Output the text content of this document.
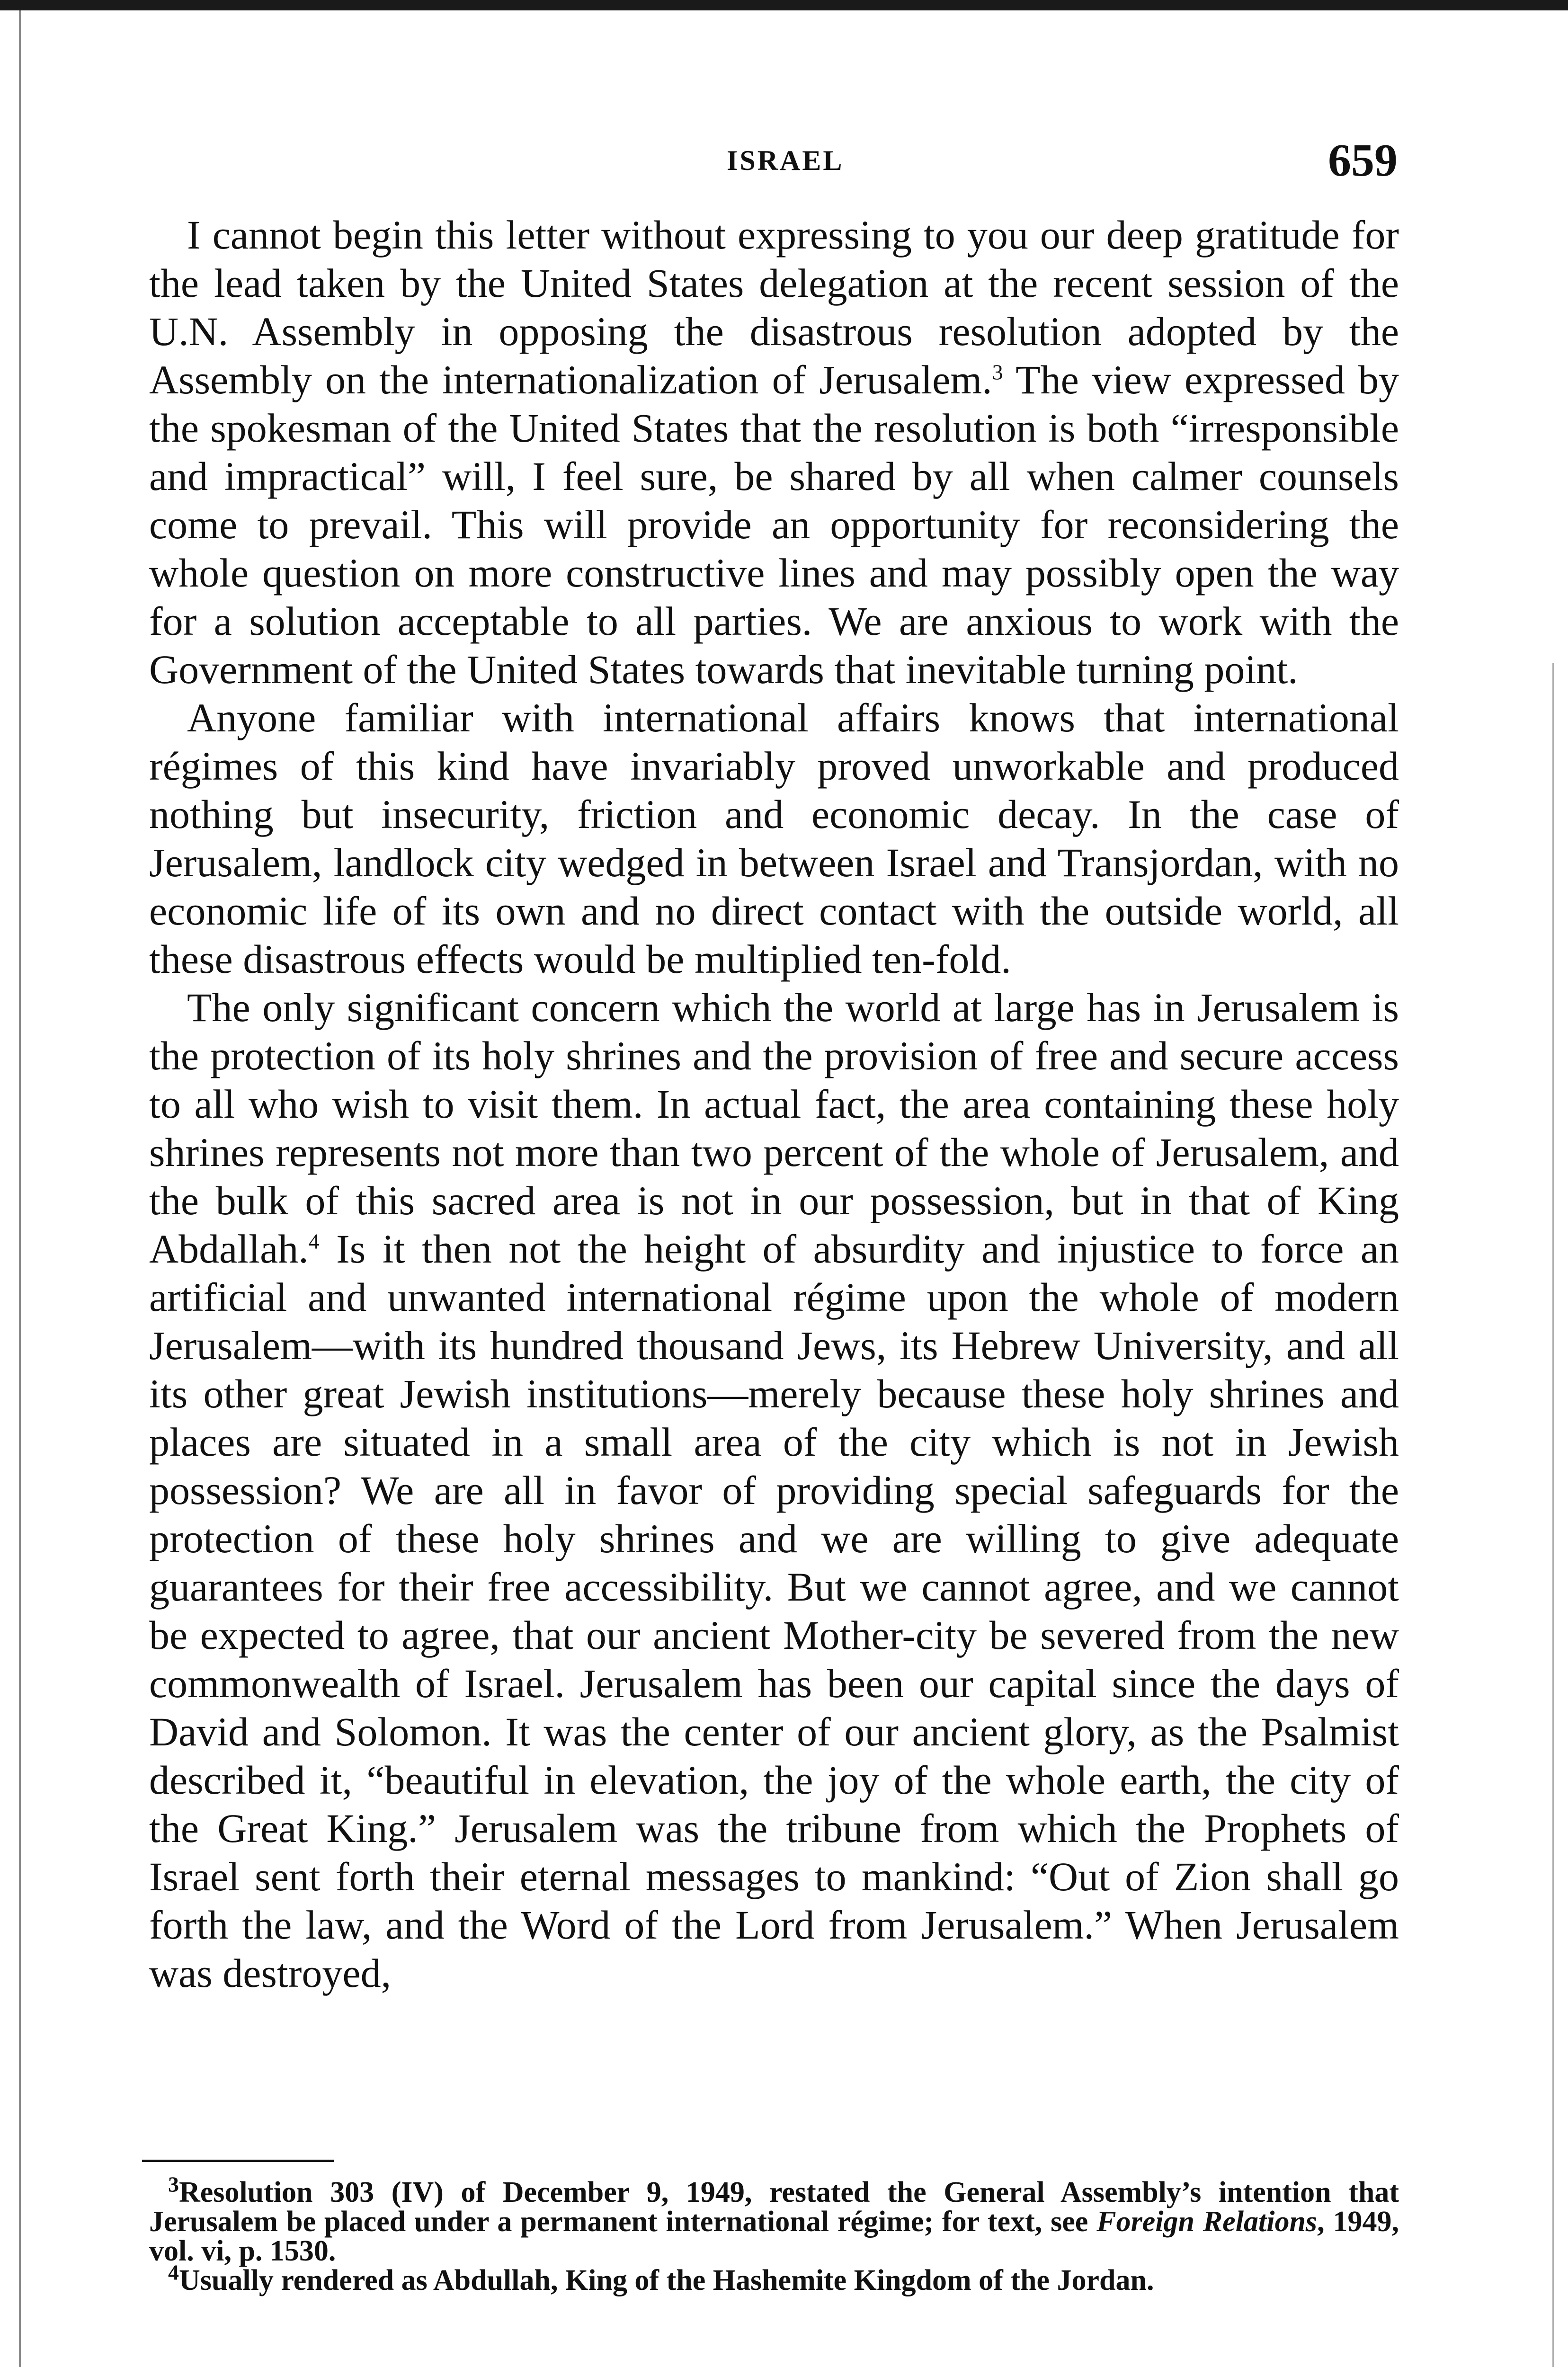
ISRAEL	659

I cannot begin this letter without expressing to you our deep gratitude for the lead taken by the United States delegation at the recent session of the U.N. Assembly in opposing the disastrous resolution adopted by the Assembly on the internationalization of Jerusalem.$^3$ The view expressed by the spokesman of the United States that the resolution is both “irresponsible and impractical” will, I feel sure, be shared by all when calmer counsels come to prevail. This will provide an opportunity for reconsidering the whole question on more constructive lines and may possibly open the way for a solution acceptable to all parties. We are anxious to work with the Government of the United States towards that inevitable turning point.

Anyone familiar with international affairs knows that international régimes of this kind have invariably proved unworkable and produced nothing but insecurity, friction and economic decay. In the case of Jerusalem, landlock city wedged in between Israel and Transjordan, with no economic life of its own and no direct contact with the outside world, all these disastrous effects would be multiplied ten-fold.

The only significant concern which the world at large has in Jerusalem is the protection of its holy shrines and the provision of free and secure access to all who wish to visit them. In actual fact, the area containing these holy shrines represents not more than two percent of the whole of Jerusalem, and the bulk of this sacred area is not in our possession, but in that of King Abdallah.$^4$ Is it then not the height of absurdity and injustice to force an artificial and unwanted international régime upon the whole of modern Jerusalem—with its hundred thousand Jews, its Hebrew University, and all its other great Jewish institutions—merely because these holy shrines and places are situated in a small area of the city which is not in Jewish possession? We are all in favor of providing special safeguards for the protection of these holy shrines and we are willing to give adequate guarantees for their free accessibility. But we cannot agree, and we cannot be expected to agree, that our ancient Mother-city be severed from the new commonwealth of Israel. Jerusalem has been our capital since the days of David and Solomon. It was the center of our ancient glory, as the Psalmist described it, “beautiful in elevation, the joy of the whole earth, the city of the Great King.” Jerusalem was the tribune from which the Prophets of Israel sent forth their eternal messages to mankind: “Out of Zion shall go forth the law, and the Word of the Lord from Jerusalem.” When Jerusalem was destroyed,

$^3$Resolution 303 (IV) of December 9, 1949, restated the General Assembly’s intention that Jerusalem be placed under a permanent international régime; for text, see Foreign Relations, 1949, vol. vi, p. 1530.

$^4$Usually rendered as Abdullah, King of the Hashemite Kingdom of the Jordan.
